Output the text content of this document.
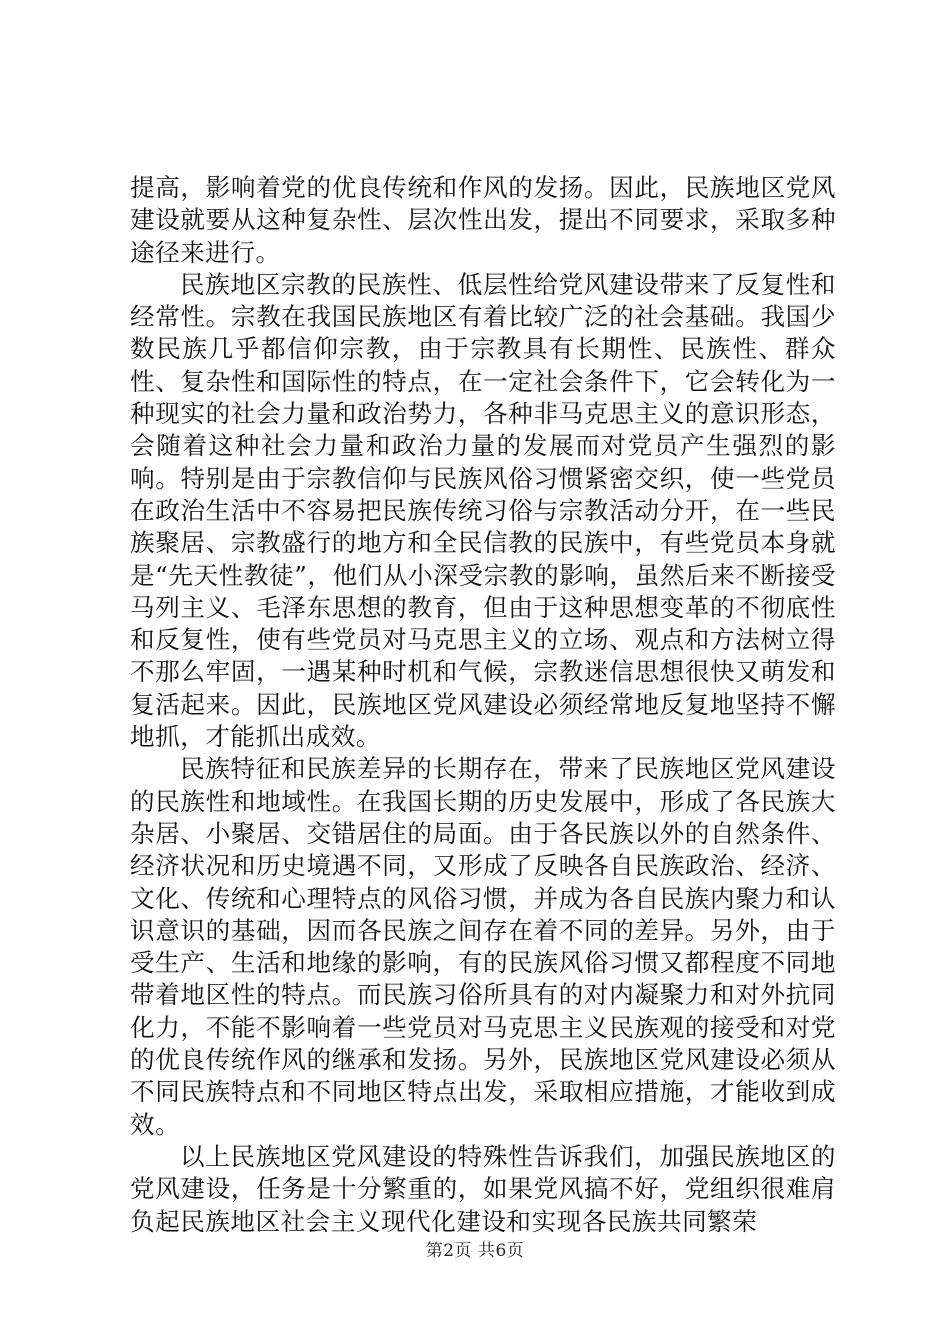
提高，影响着党的优良传统和作风的发扬。因此，民族地区党风建设就要从这种复杂性、层次性出发，提出不同要求，采取多种途径来进行。

民族地区宗教的民族性、低层性给党风建设带来了反复性和经常性。宗教在我国民族地区有着比较广泛的社会基础。我国少数民族几乎都信仰宗教，由于宗教具有长期性、民族性、群众性、复杂性和国际性的特点，在一定社会条件下，它会转化为一种现实的社会力量和政治势力，各种非马克思主义的意识形态，会随着这种社会力量和政治力量的发展而对党员产生强烈的影响。特别是由于宗教信仰与民族风俗习惯紧密交织，使一些党员在政治生活中不容易把民族传统习俗与宗教活动分开，在一些民族聚居、宗教盛行的地方和全民信教的民族中，有些党员本身就是“先天性教徒”，他们从小深受宗教的影响，虽然后来不断接受马列主义、毛泽东思想的教育，但由于这种思想变革的不彻底性和反复性，使有些党员对马克思主义的立场、观点和方法树立得不那么牢固，一遇某种时机和气候，宗教迷信思想很快又萌发和复活起来。因此，民族地区党风建设必须经常地反复地坚持不懈地抓，才能抓出成效。

民族特征和民族差异的长期存在，带来了民族地区党风建设的民族性和地域性。在我国长期的历史发展中，形成了各民族大杂居、小聚居、交错居住的局面。由于各民族以外的自然条件、经济状况和历史境遇不同，又形成了反映各自民族政治、经济、文化、传统和心理特点的风俗习惯，并成为各自民族内聚力和认识意识的基础，因而各民族之间存在着不同的差异。另外，由于受生产、生活和地缘的影响，有的民族风俗习惯又都程度不同地带着地区性的特点。而民族习俗所具有的对内凝聚力和对外抗同化力，不能不影响着一些党员对马克思主义民族观的接受和对党的优良传统作风的继承和发扬。另外，民族地区党风建设必须从不同民族特点和不同地区特点出发，采取相应措施，才能收到成效。

以上民族地区党风建设的特殊性告诉我们，加强民族地区的党风建设，任务是十分繁重的，如果党风搞不好，党组织很难肩负起民族地区社会主义现代化建设和实现各民族共同繁荣

第2页 共6页
